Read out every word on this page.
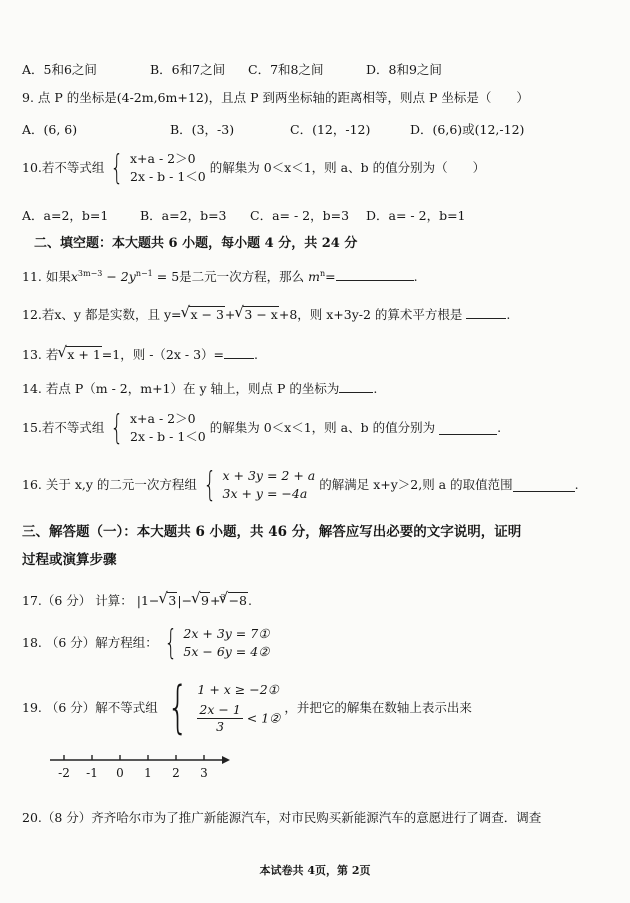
A．5和6之间	B．6和7之间 C．7和8之间	D．8和9之间
9. 点 P 的坐标是(4-2m,6m+12)，且点 P 到两坐标轴的距离相等，则点 P 坐标是（　　）
A．(6, 6)	B．(3，-3)	C．(12，-12)	D．(6,6)或(12,-12)
10.若不等式组 { x+a - 2＞0
2x - b - 1＜0
的解集为 0＜x＜1，则 a、b 的值分别为（　　）
A．a=2，b=1	B．a=2，b=3 C．a= - 2，b=3 D．a= - 2，b=1
二、填空题：本大题共 6 小题，每小题 4 分，共 24 分
11. 如果$x^{3m-3} - 2y^{n-1} = 5$是二元一次方程，那么 $m^n=$	.
12.若x、y 都是实数，且 y= √ x − 3+ √ 3 − x+8，则 x+3y-2 的算术平方根是	.
13. 若 √ x + 1=1，则 -（2x - 3）= .
14. 若点 P（m - 2，m+1）在 y 轴上，则点 P 的坐标为	.
15.若不等式组 { x+a - 2＞0
2x - b - 1＜0
的解集为 0＜x＜1，则 a、b 的值分别为	.
16. 关于 x,y 的二元一次方程组 { x + 3y = 2 + a
3x + y = −4a
的解满足 x+y＞2,则 a 的取值范围	.
三、解答题（一）：本大题共 6 小题，共 46 分，解答应写出必要的文字说明，证明
过程或演算步骤
17.（6 分） 计算： |1− √ 3|− √ 9+$^3$ √ −8.
18. （6 分）解方程组： { 2x + 3y = 7①
5x − 6y = 4②
19. （6 分）解不等式组 { 1 + x ≥ −2①
$\frac{2x - 1}{3}$ < 1②
，并把它的解集在数轴上表示出来
-2 -1 0 1 2 3
20.（8 分）齐齐哈尔市为了推广新能源汽车，对市民购买新能源汽车的意愿进行了调查．调查
本试卷共 4页，第 2页
